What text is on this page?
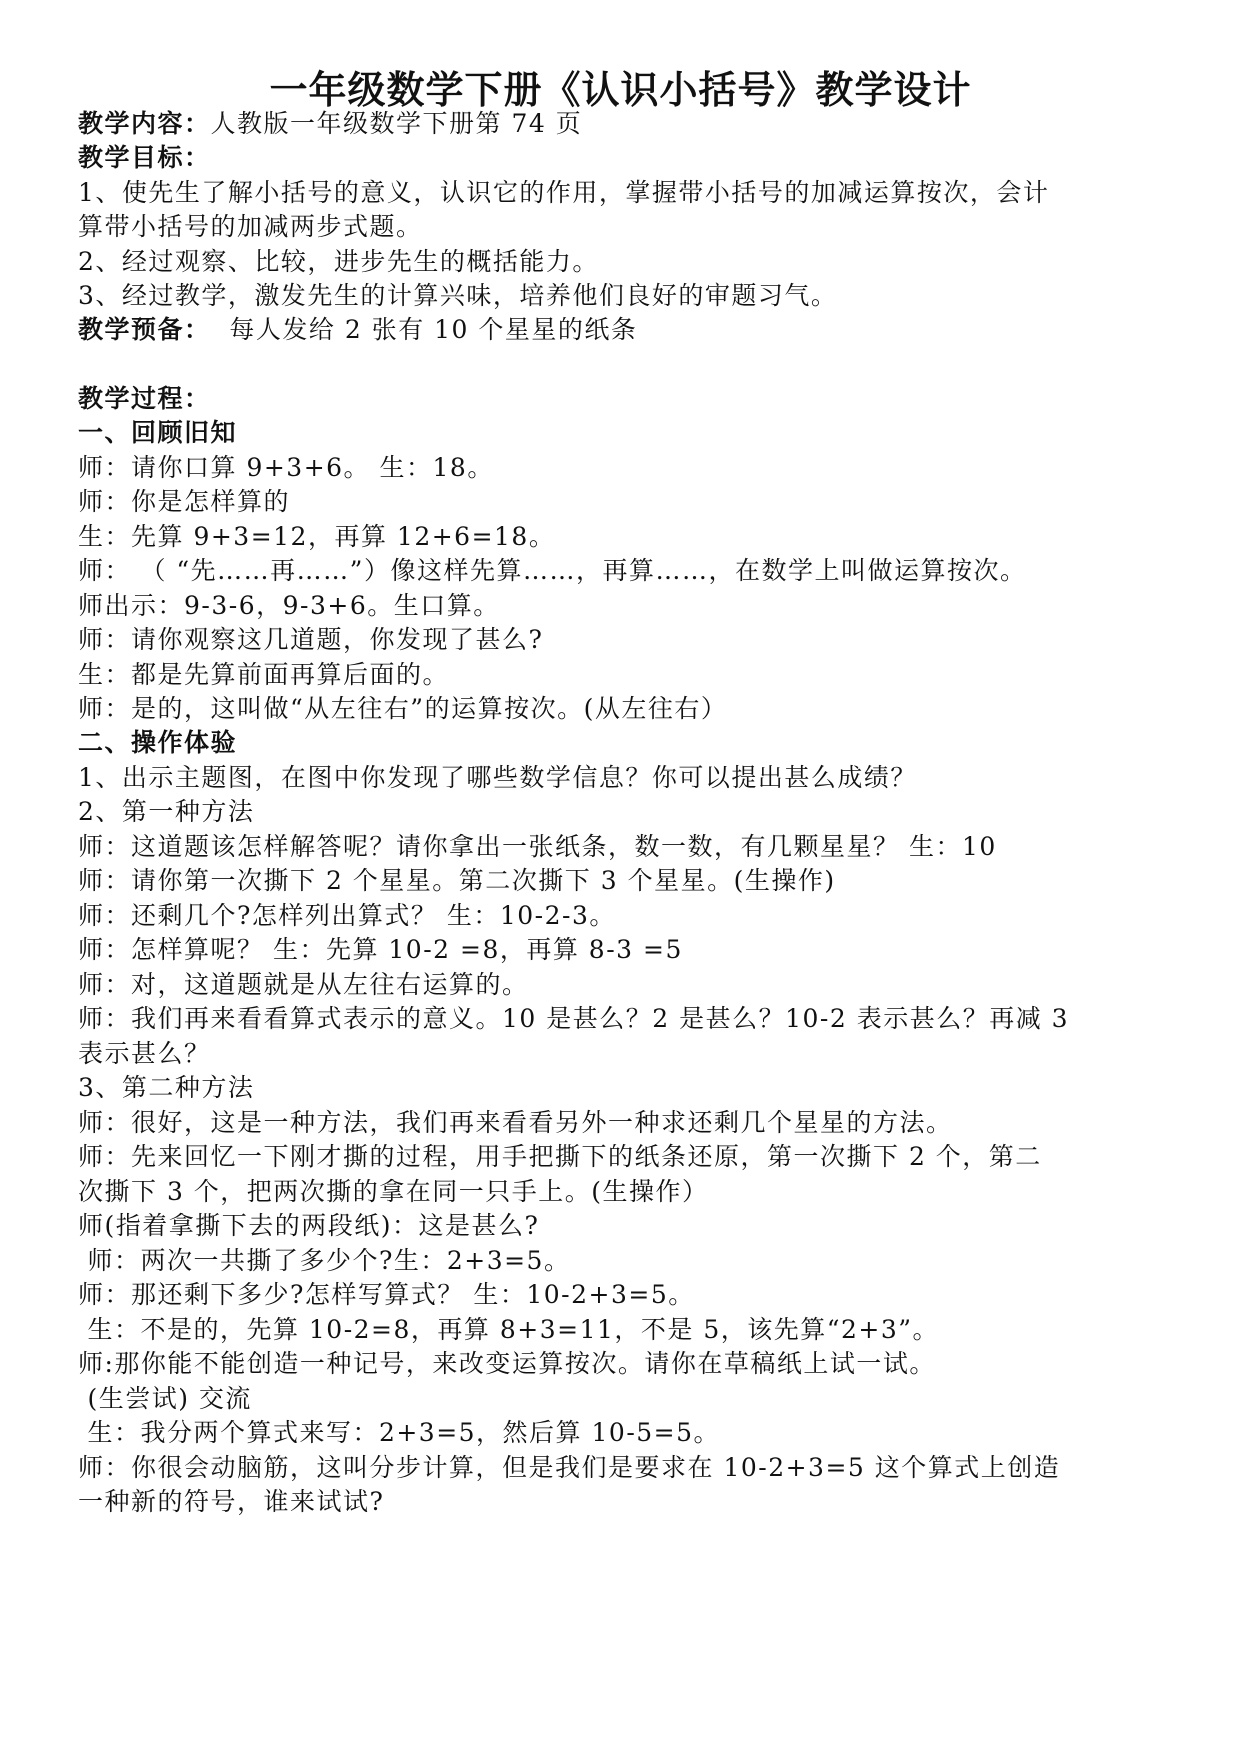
一年级数学下册《认识小括号》教学设计
教学内容：人教版一年级数学下册第 74 页
教学目标：
1、使先生了解小括号的意义，认识它的作用，掌握带小括号的加减运算按次，会计
算带小括号的加减两步式题。
2、经过观察、比较，进步先生的概括能力。
3、经过教学，激发先生的计算兴味，培养他们良好的审题习气。
教学预备：  每人发给 2 张有 10 个星星的纸条
教学过程：
一、回顾旧知
师：请你口算 9+3+6。 生：18。
师：你是怎样算的
生：先算 9+3=12，再算 12+6=18。
师： （ “先……再……”）像这样先算……，再算……，在数学上叫做运算按次。
师出示：9-3-6，9-3+6。生口算。
师：请你观察这几道题，你发现了甚么?
生：都是先算前面再算后面的。
师：是的，这叫做“从左往右”的运算按次。(从左往右）
二、操作体验
1、出示主题图，在图中你发现了哪些数学信息？你可以提出甚么成绩？
2、第一种方法
师：这道题该怎样解答呢？请你拿出一张纸条，数一数，有几颗星星？ 生：10
师：请你第一次撕下 2 个星星。第二次撕下 3 个星星。(生操作)
师：还剩几个?怎样列出算式？ 生：10-2-3。
师：怎样算呢？ 生：先算 10-2 =8，再算 8-3 =5
师：对，这道题就是从左往右运算的。
师：我们再来看看算式表示的意义。10 是甚么？2 是甚么？10-2 表示甚么？再减 3
表示甚么？
3、第二种方法
师：很好，这是一种方法，我们再来看看另外一种求还剩几个星星的方法。
师：先来回忆一下刚才撕的过程，用手把撕下的纸条还原，第一次撕下 2 个，第二
次撕下 3 个，把两次撕的拿在同一只手上。(生操作）
师(指着拿撕下去的两段纸)：这是甚么?
师：两次一共撕了多少个?生：2+3=5。
师：那还剩下多少?怎样写算式？ 生：10-2+3=5。
生：不是的，先算 10-2=8，再算 8+3=11，不是 5，该先算“2+3”。
师:那你能不能创造一种记号，来改变运算按次。请你在草稿纸上试一试。
(生尝试) 交流
生：我分两个算式来写：2+3=5，然后算 10-5=5。
师：你很会动脑筋，这叫分步计算，但是我们是要求在 10-2+3=5 这个算式上创造
一种新的符号，谁来试试?
